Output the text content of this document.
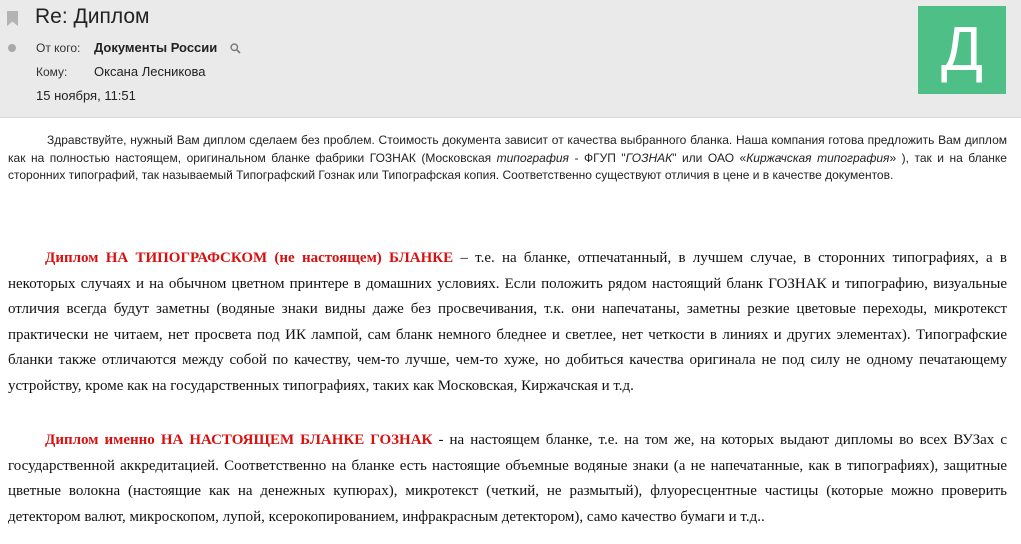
Re: Диплом
От кого: Документы России
Кому: Оксана Лесникова
15 ноября, 11:51
Д

Здравствуйте, нужный Вам диплом сделаем без проблем. Стоимость документа зависит от качества выбранного бланка. Наша компания готова предложить Вам диплом как на полностью настоящем, оригинальном бланке фабрики ГОЗНАК (Московская типография - ФГУП "ГОЗНАК" или ОАО «Киржачская типография» ), так и на бланке сторонних типографий, так называемый Типографский Гознак или Типографская копия. Соответственно существуют отличия в цене и в качестве документов.

Диплом НА ТИПОГРАФСКОМ (не настоящем) БЛАНКЕ – т.е. на бланке, отпечатанный, в лучшем случае, в сторонних типографиях, а в некоторых случаях и на обычном цветном принтере в домашних условиях. Если положить рядом настоящий бланк ГОЗНАК и типографию, визуальные отличия всегда будут заметны (водяные знаки видны даже без просвечивания, т.к. они напечатаны, заметны резкие цветовые переходы, микротекст практически не читаем, нет просвета под ИК лампой, сам бланк немного бледнее и светлее, нет четкости в линиях и других элементах). Типографские бланки также отличаются между собой по качеству, чем-то лучше, чем-то хуже, но добиться качества оригинала не под силу не одному печатающему устройству, кроме как на государственных типографиях, таких как Московская, Киржачская и т.д.

Диплом именно НА НАСТОЯЩЕМ БЛАНКЕ ГОЗНАК - на настоящем бланке, т.е. на том же, на которых выдают дипломы во всех ВУЗах с государственной аккредитацией. Соответственно на бланке есть настоящие объемные водяные знаки (а не напечатанные, как в типографиях), защитные цветные волокна (настоящие как на денежных купюрах), микротекст (четкий, не размытый), флуоресцентные частицы (которые можно проверить детектором валют, микроскопом, лупой, ксерокопированием, инфракрасным детектором), само качество бумаги и т.д..
